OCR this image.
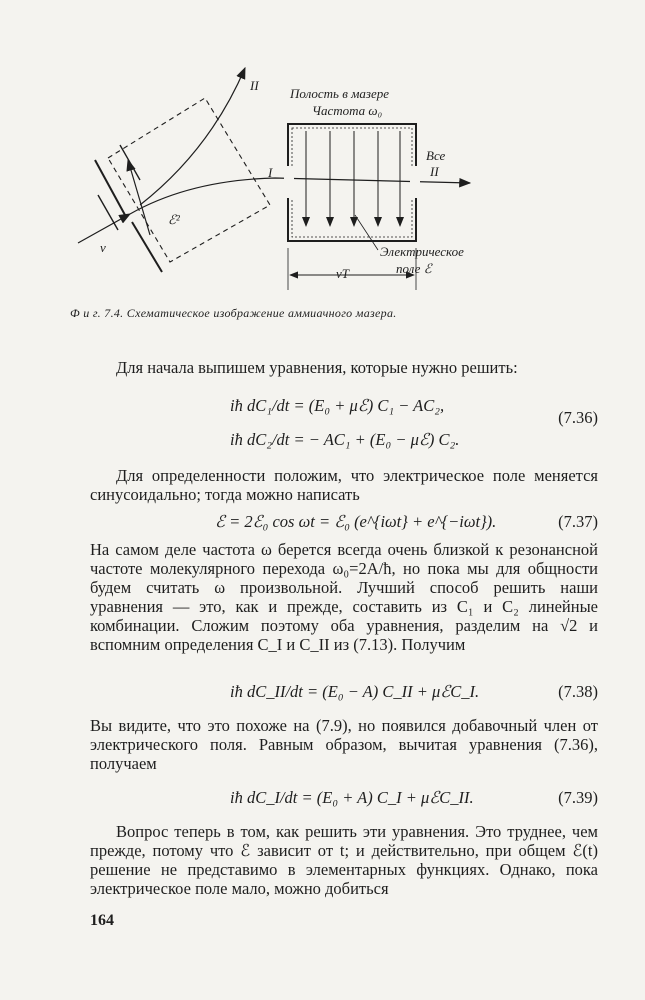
Полость в мазере
Частота ω₀
Все
II
I
II
v
ℰ²
Электрическое
поле ℰ
vT
Ф и г. 7.4. Схематическое изображение аммиачного мазера.

Для начала выпишем уравнения, которые нужно решить:

iħ dC₁/dt = (E₀ + μℰ) C₁ − AC₂,
(7.36)
iħ dC₂/dt = − AC₁ + (E₀ − μℰ) C₂.

Для определенности положим, что электрическое поле меняется синусоидально; тогда можно написать

ℰ = 2ℰ₀ cos ωt = ℰ₀ (e^{iωt} + e^{−iωt}).	(7.37)

На самом деле частота ω берется всегда очень близкой к резонансной частоте молекулярного перехода ω₀=2A/ħ, но пока мы для общности будем считать ω произвольной. Лучший способ решить наши уравнения — это, как и прежде, составить из C₁ и C₂ линейные комбинации. Сложим поэтому оба уравнения, разделим на √2 и вспомним определения C_I и C_II из (7.13). Получим

iħ dC_II/dt = (E₀ − A) C_II + μℰC_I.	(7.38)

Вы видите, что это похоже на (7.9), но появился добавочный член от электрического поля. Равным образом, вычитая уравнения (7.36), получаем

iħ dC_I/dt = (E₀ + A) C_I + μℰC_II.	(7.39)

Вопрос теперь в том, как решить эти уравнения. Это труднее, чем прежде, потому что ℰ зависит от t; и действительно, при общем ℰ(t) решение не представимо в элементарных функциях. Однако, пока электрическое поле мало, можно добиться

164
